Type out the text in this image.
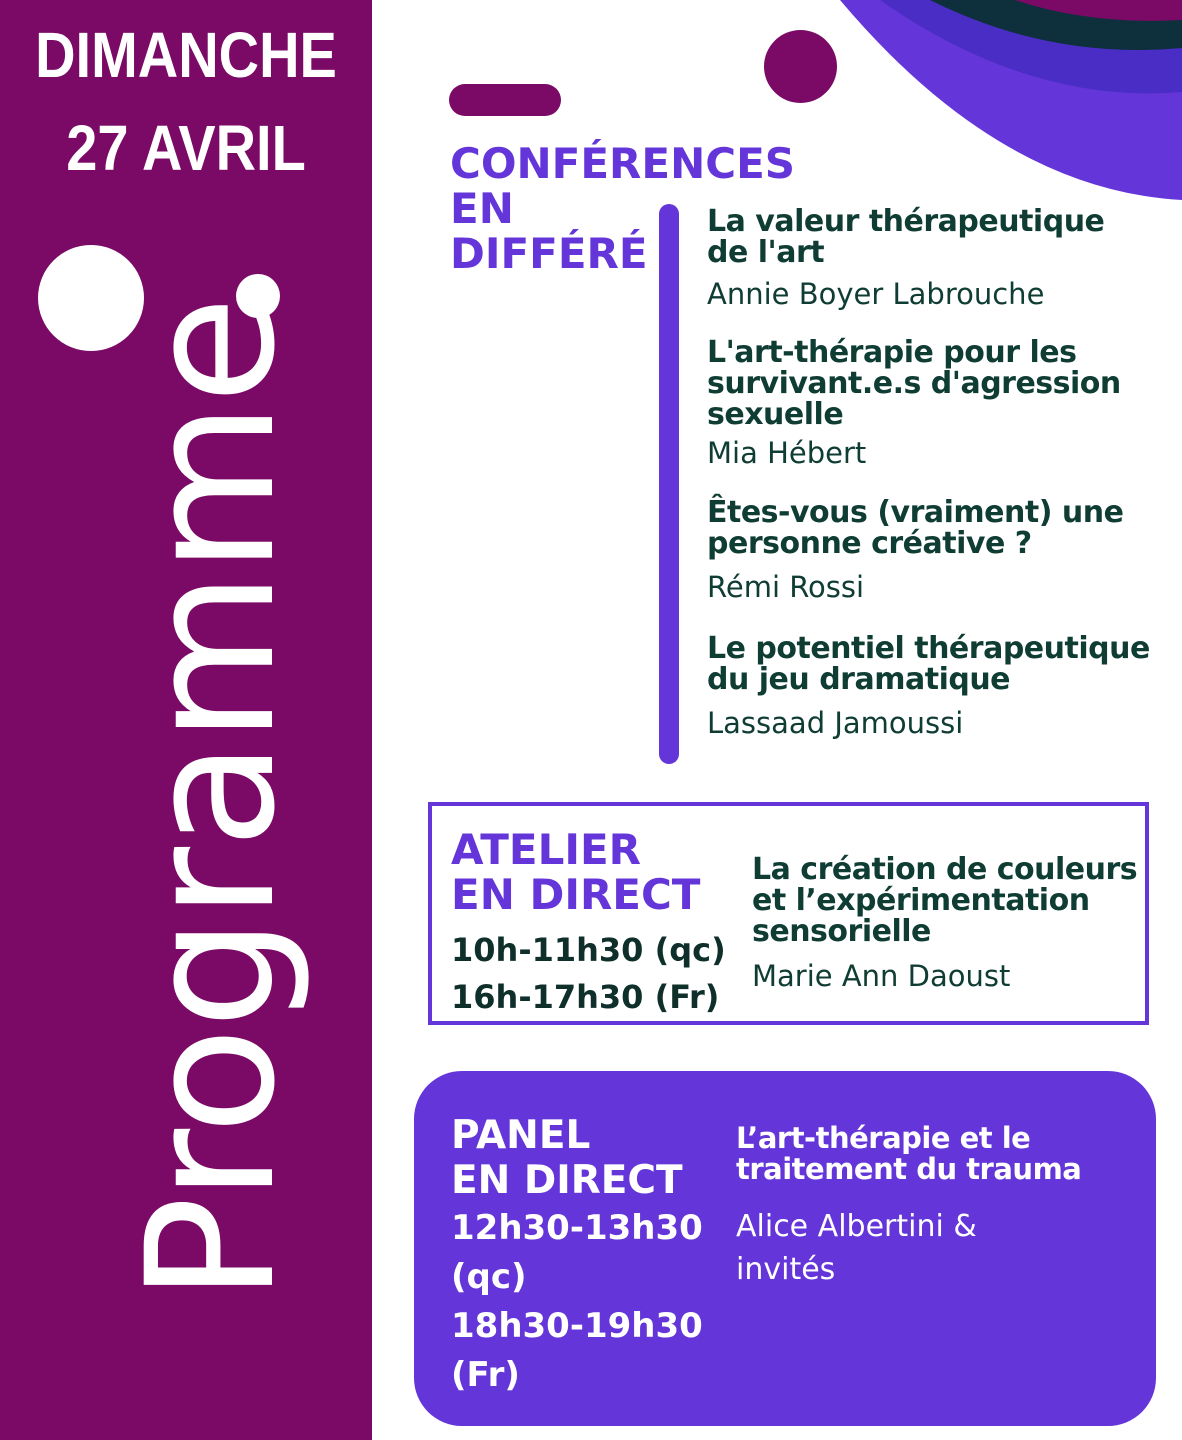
DIMANCHE
27 AVRIL
Programme
CONFÉRENCES
EN
DIFFÉRÉ
La valeur thérapeutique
de l'art
Annie Boyer Labrouche
L'art-thérapie pour les
survivant.e.s d'agression
sexuelle
Mia Hébert
Êtes-vous (vraiment) une
personne créative ?
Rémi Rossi
Le potentiel thérapeutique
du jeu dramatique
Lassaad Jamoussi
ATELIER
EN DIRECT
10h-11h30 (qc)
16h-17h30 (Fr)
La création de couleurs
et l’expérimentation
sensorielle
Marie Ann Daoust
PANEL
EN DIRECT
12h30-13h30
(qc)
18h30-19h30
(Fr)
L’art-thérapie et le
traitement du trauma
Alice Albertini &
invités
